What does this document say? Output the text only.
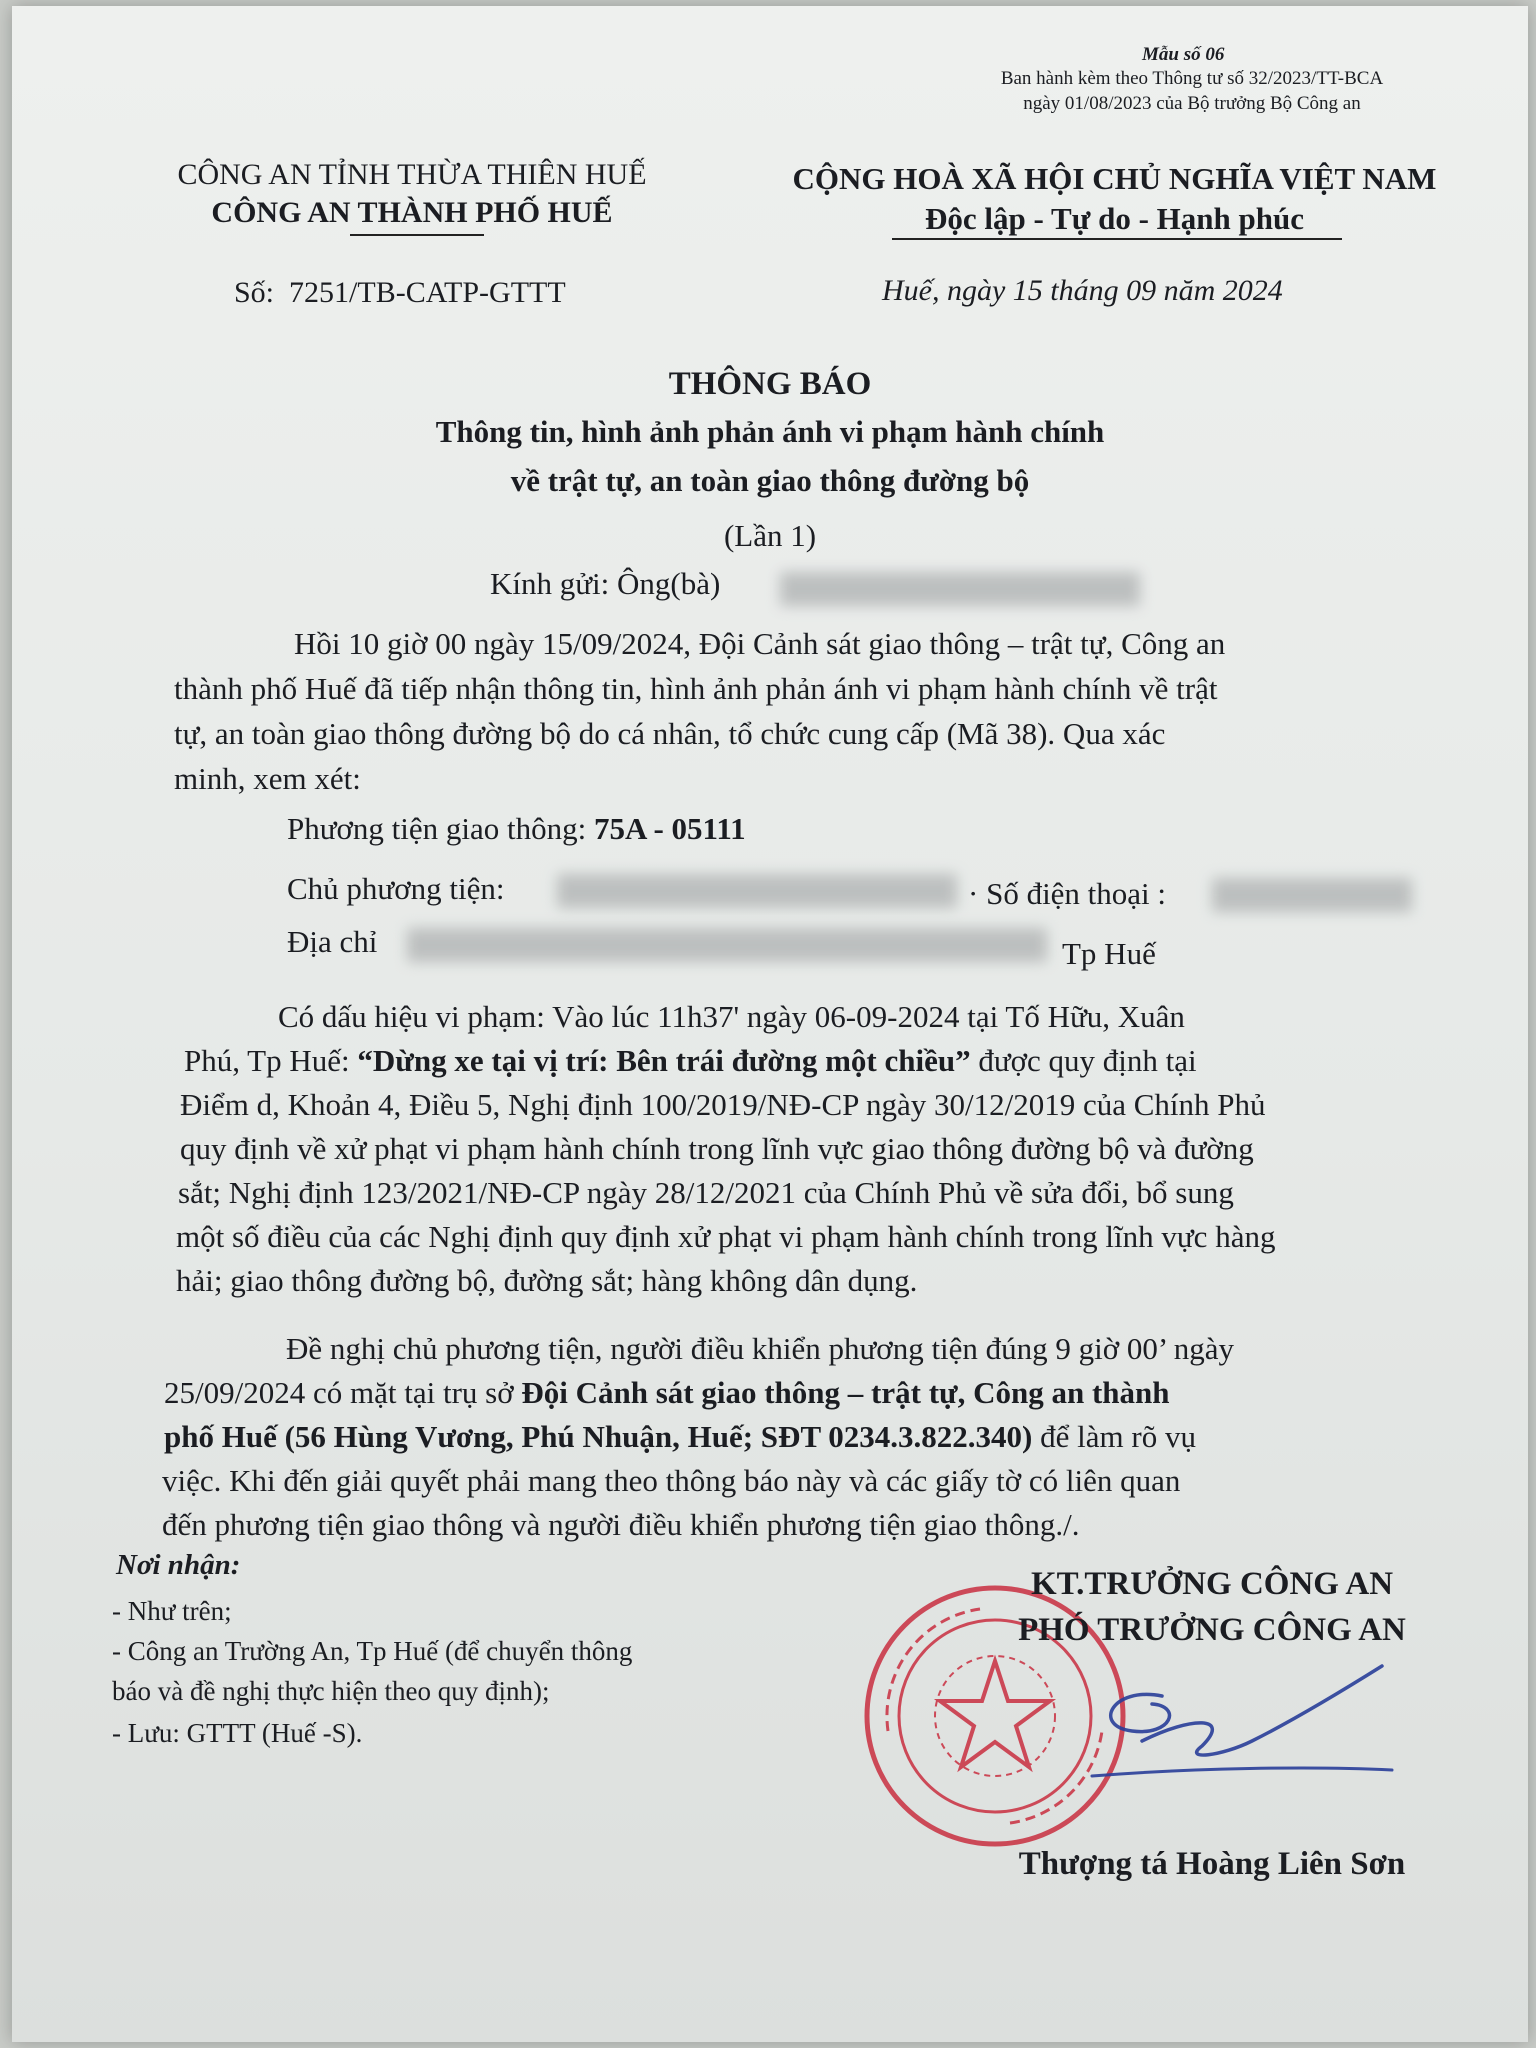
Mẫu số 06
Ban hành kèm theo Thông tư số 32/2023/TT-BCA
ngày 01/08/2023 của Bộ trưởng Bộ Công an
CÔNG AN TỈNH THỪA THIÊN HUẾ
CÔNG AN THÀNH PHỐ HUẾ
CỘNG HOÀ XÃ HỘI CHỦ NGHĨA VIỆT NAM
Độc lập - Tự do - Hạnh phúc
Số: 7251/TB-CATP-GTTT	Huế, ngày 15 tháng 09 năm 2024
THÔNG BÁO
Thông tin, hình ảnh phản ánh vi phạm hành chính
về trật tự, an toàn giao thông đường bộ
(Lần 1)
Kính gửi: Ông(bà)
Hồi 10 giờ 00 ngày 15/09/2024, Đội Cảnh sát giao thông – trật tự, Công an
thành phố Huế đã tiếp nhận thông tin, hình ảnh phản ánh vi phạm hành chính về trật
tự, an toàn giao thông đường bộ do cá nhân, tổ chức cung cấp (Mã 38). Qua xác
minh, xem xét:
Phương tiện giao thông: 75A - 05111
Chủ phương tiện:	· Số điện thoại :
Địa chỉ	Tp Huế
Có dấu hiệu vi phạm: Vào lúc 11h37' ngày 06-09-2024 tại Tố Hữu, Xuân
Phú, Tp Huế: “Dừng xe tại vị trí: Bên trái đường một chiều” được quy định tại
Điểm d, Khoản 4, Điều 5, Nghị định 100/2019/NĐ-CP ngày 30/12/2019 của Chính Phủ
quy định về xử phạt vi phạm hành chính trong lĩnh vực giao thông đường bộ và đường
sắt; Nghị định 123/2021/NĐ-CP ngày 28/12/2021 của Chính Phủ về sửa đổi, bổ sung
một số điều của các Nghị định quy định xử phạt vi phạm hành chính trong lĩnh vực hàng
hải; giao thông đường bộ, đường sắt; hàng không dân dụng.
Đề nghị chủ phương tiện, người điều khiển phương tiện đúng 9 giờ 00’ ngày
25/09/2024 có mặt tại trụ sở Đội Cảnh sát giao thông – trật tự, Công an thành
phố Huế (56 Hùng Vương, Phú Nhuận, Huế; SĐT 0234.3.822.340) để làm rõ vụ
việc. Khi đến giải quyết phải mang theo thông báo này và các giấy tờ có liên quan
đến phương tiện giao thông và người điều khiển phương tiện giao thông./.
Nơi nhận:
- Như trên;
- Công an Trường An, Tp Huế (để chuyển thông
báo và đề nghị thực hiện theo quy định);
- Lưu: GTTT (Huế -S).
KT.TRƯỞNG CÔNG AN
PHÓ TRƯỞNG CÔNG AN
Thượng tá Hoàng Liên Sơn
